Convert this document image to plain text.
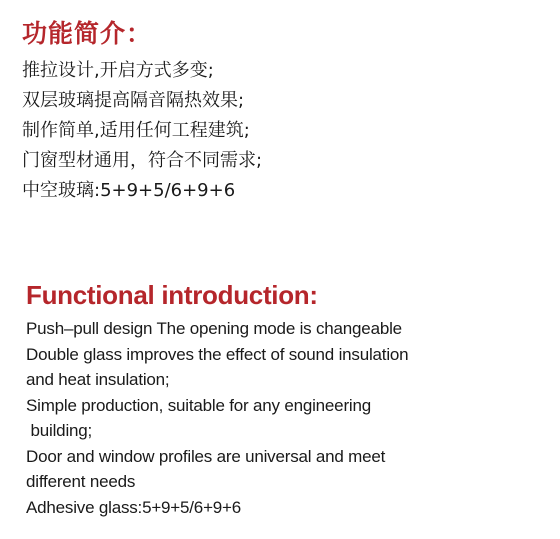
功能简介：

推拉设计,开启方式多变;

双层玻璃提高隔音隔热效果;

制作简单,适用任何工程建筑;

门窗型材通用，符合不同需求;

中空玻璃:5+9+5/6+9+6

Functional introduction:

Push–pull design The opening mode is changeable

Double glass improves the effect of sound insulation

and heat insulation;

Simple production, suitable for any engineering

building;

Door and window profiles are universal and meet

different needs

Adhesive glass:5+9+5/6+9+6
